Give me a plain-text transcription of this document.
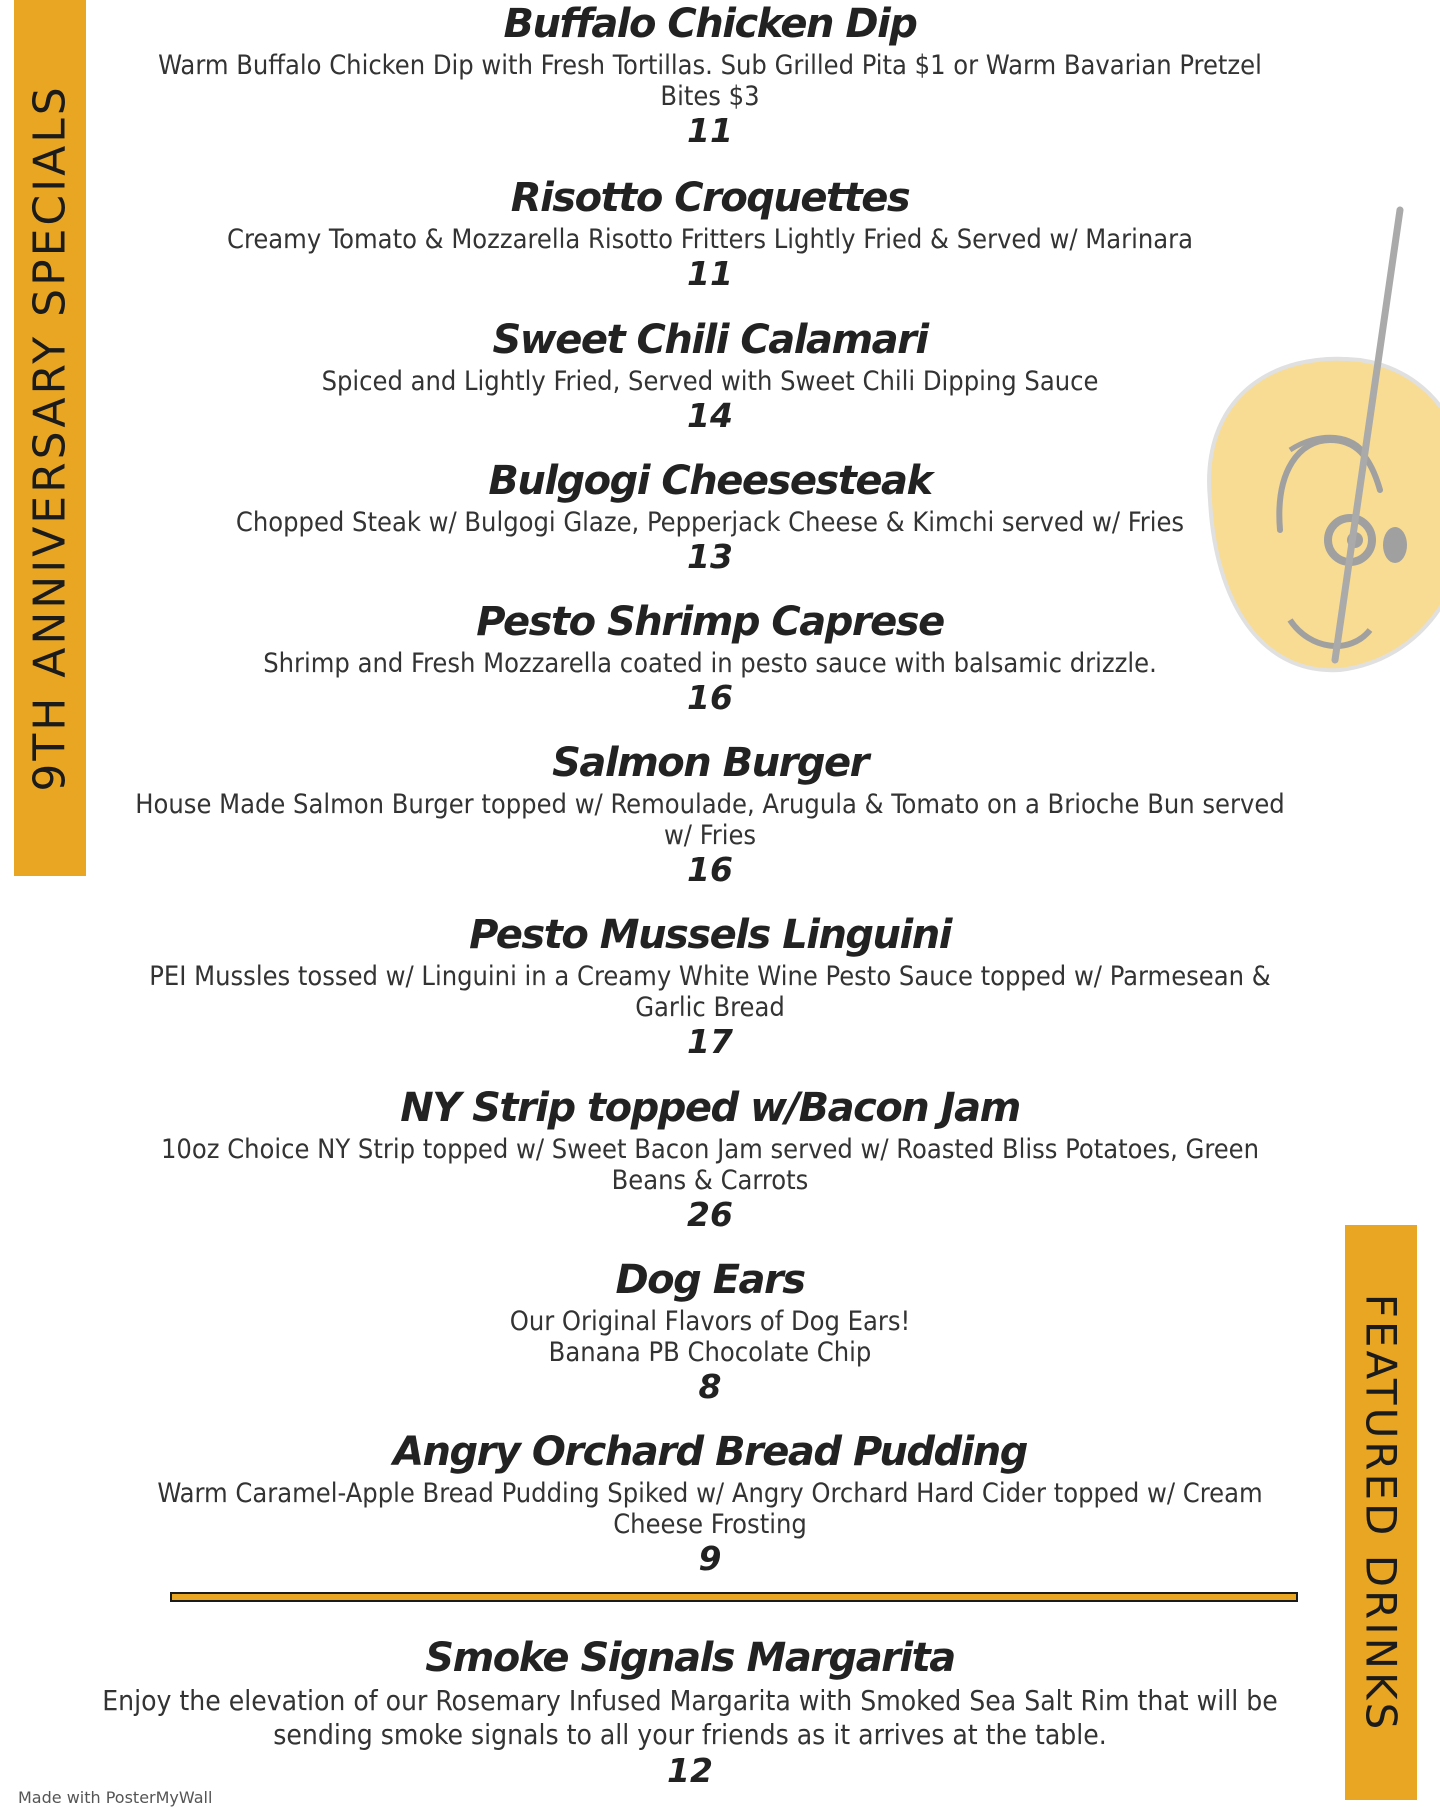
9TH ANNIVERSARY SPECIALS

Buffalo Chicken Dip

Warm Buffalo Chicken Dip with Fresh Tortillas. Sub Grilled Pita $1 or Warm Bavarian Pretzel Bites $3

11

Risotto Croquettes

Creamy Tomato & Mozzarella Risotto Fritters Lightly Fried & Served w/ Marinara

11

Sweet Chili Calamari

Spiced and Lightly Fried, Served with Sweet Chili Dipping Sauce

14

Bulgogi Cheesesteak

Chopped Steak w/ Bulgogi Glaze, Pepperjack Cheese & Kimchi served w/ Fries

13

Pesto Shrimp Caprese

Shrimp and Fresh Mozzarella coated in pesto sauce with balsamic drizzle.

16

Salmon Burger

House Made Salmon Burger topped w/ Remoulade, Arugula & Tomato on a Brioche Bun served w/ Fries

16

Pesto Mussels Linguini

PEI Mussles tossed w/ Linguini in a Creamy White Wine Pesto Sauce topped w/ Parmesean & Garlic Bread

17

NY Strip topped w/Bacon Jam

10oz Choice NY Strip topped w/ Sweet Bacon Jam served w/ Roasted Bliss Potatoes, Green Beans & Carrots

26

Dog Ears

Our Original Flavors of Dog Ears!

Banana PB Chocolate Chip

8

Angry Orchard Bread Pudding

Warm Caramel-Apple Bread Pudding Spiked w/ Angry Orchard Hard Cider topped w/ Cream Cheese Frosting

9

Smoke Signals Margarita

Enjoy the elevation of our Rosemary Infused Margarita with Smoked Sea Salt Rim that will be sending smoke signals to all your friends as it arrives at the table.

12

FEATURED DRINKS
Made with PosterMyWall
